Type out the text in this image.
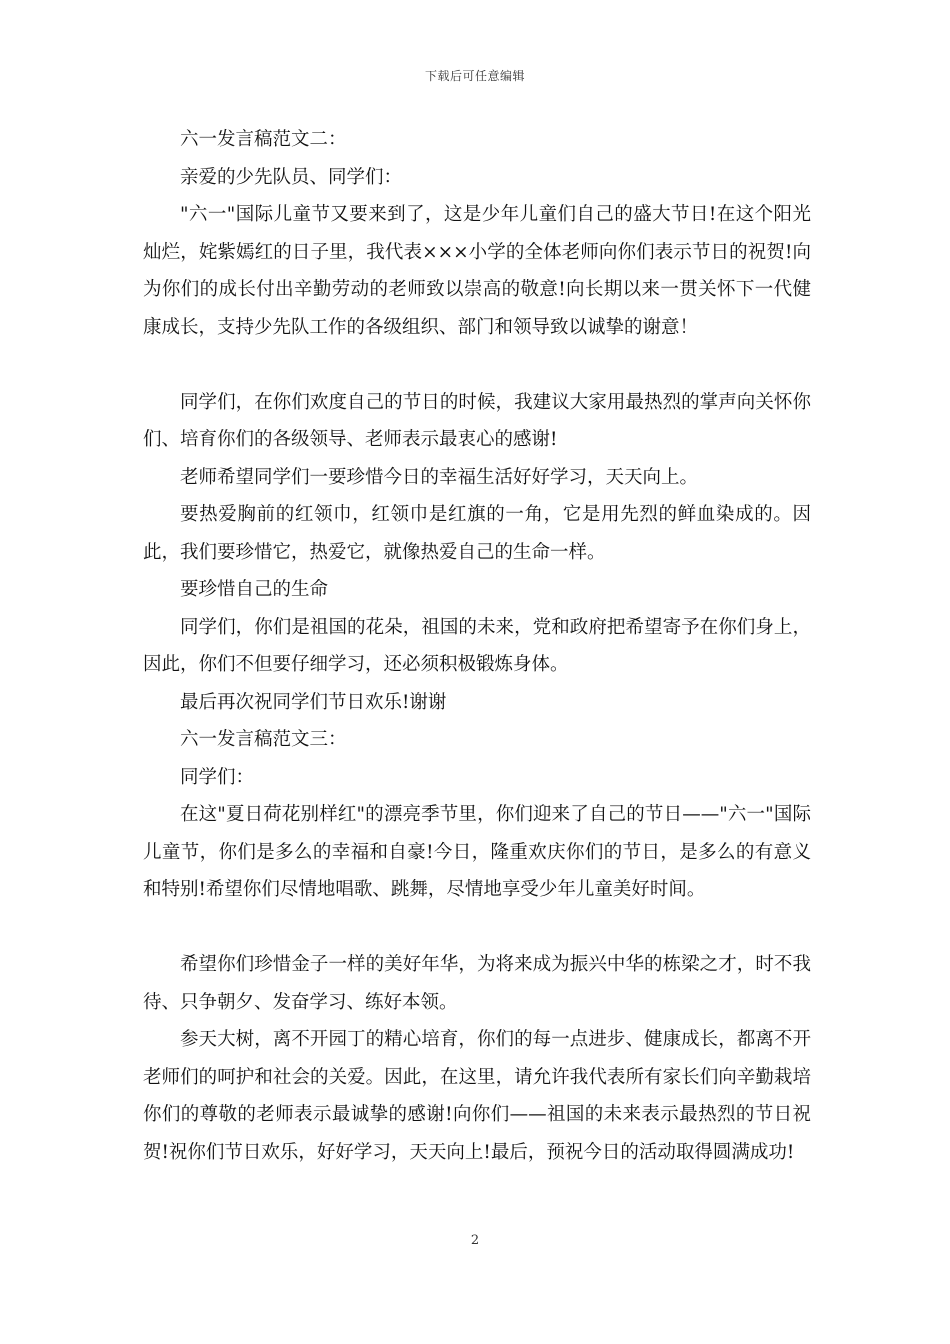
下载后可任意编辑

六一发言稿范文二：

亲爱的少先队员、同学们：

"六一"国际儿童节又要来到了，这是少年儿童们自己的盛大节日!在这个阳光灿烂，姹紫嫣红的日子里，我代表×××小学的全体老师向你们表示节日的祝贺!向为你们的成长付出辛勤劳动的老师致以崇高的敬意!向长期以来一贯关怀下一代健康成长，支持少先队工作的各级组织、部门和领导致以诚挚的谢意！

同学们，在你们欢度自己的节日的时候，我建议大家用最热烈的掌声向关怀你们、培育你们的各级领导、老师表示最衷心的感谢!

老师希望同学们一要珍惜今日的幸福生活好好学习，天天向上。

要热爱胸前的红领巾，红领巾是红旗的一角，它是用先烈的鲜血染成的。因此，我们要珍惜它，热爱它，就像热爱自己的生命一样。

要珍惜自己的生命

同学们，你们是祖国的花朵，祖国的未来，党和政府把希望寄予在你们身上，因此，你们不但要仔细学习，还必须积极锻炼身体。

最后再次祝同学们节日欢乐!谢谢

六一发言稿范文三：

同学们：

在这"夏日荷花别样红"的漂亮季节里，你们迎来了自己的节日——"六一"国际儿童节，你们是多么的幸福和自豪!今日，隆重欢庆你们的节日，是多么的有意义和特别!希望你们尽情地唱歌、跳舞，尽情地享受少年儿童美好时间。

希望你们珍惜金子一样的美好年华，为将来成为振兴中华的栋梁之才，时不我待、只争朝夕、发奋学习、练好本领。

参天大树，离不开园丁的精心培育，你们的每一点进步、健康成长，都离不开老师们的呵护和社会的关爱。因此，在这里，请允许我代表所有家长们向辛勤栽培你们的尊敬的老师表示最诚挚的感谢!向你们——祖国的未来表示最热烈的节日祝贺!祝你们节日欢乐，好好学习，天天向上!最后，预祝今日的活动取得圆满成功!

2
